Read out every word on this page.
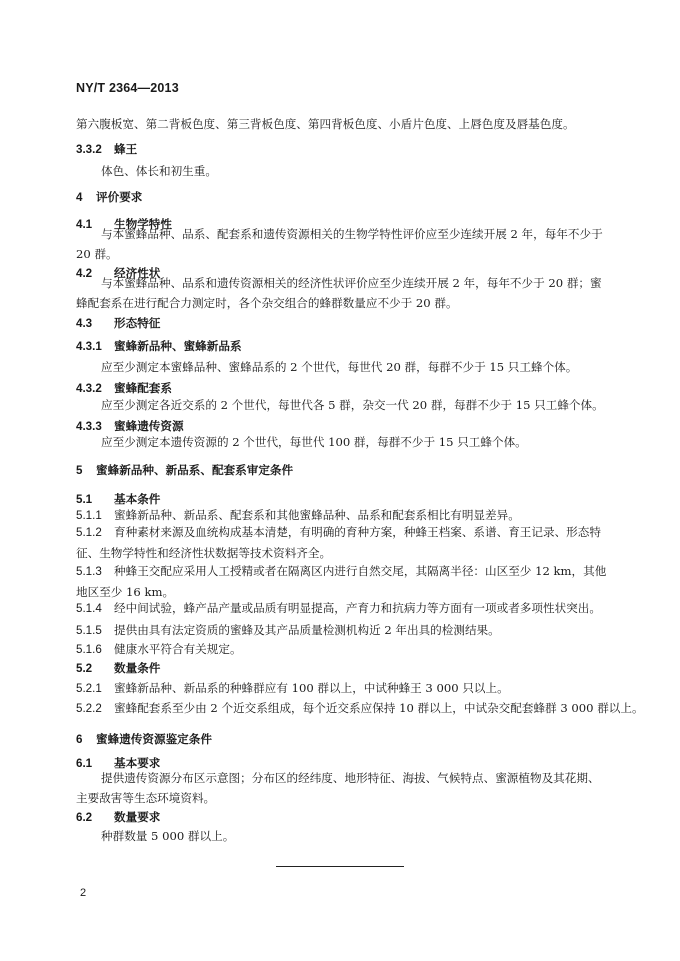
NY/T 2364—2013
第六腹板宽、第二背板色度、第三背板色度、第四背板色度、小盾片色度、上唇色度及唇基色度。
3.3.2 蜂王
体色、体长和初生重。
4 评价要求
4.1 生物学特性
与本蜜蜂品种、品系、配套系和遗传资源相关的生物学特性评价应至少连续开展 2 年，每年不少于 20 群。
4.2 经济性状
与本蜜蜂品种、品系和遗传资源相关的经济性状评价应至少连续开展 2 年，每年不少于 20 群；蜜蜂配套系在进行配合力测定时，各个杂交组合的蜂群数量应不少于 20 群。
4.3 形态特征
4.3.1 蜜蜂新品种、蜜蜂新品系
应至少测定本蜜蜂品种、蜜蜂品系的 2 个世代，每世代 20 群，每群不少于 15 只工蜂个体。
4.3.2 蜜蜂配套系
应至少测定各近交系的 2 个世代，每世代各 5 群，杂交一代 20 群，每群不少于 15 只工蜂个体。
4.3.3 蜜蜂遗传资源
应至少测定本遗传资源的 2 个世代，每世代 100 群，每群不少于 15 只工蜂个体。
5 蜜蜂新品种、新品系、配套系审定条件
5.1 基本条件
5.1.1 蜜蜂新品种、新品系、配套系和其他蜜蜂品种、品系和配套系相比有明显差异。
5.1.2 育种素材来源及血统构成基本清楚，有明确的育种方案，种蜂王档案、系谱、育王记录、形态特征、生物学特性和经济性状数据等技术资料齐全。
5.1.3 种蜂王交配应采用人工授精或者在隔离区内进行自然交尾，其隔离半径：山区至少 12 km，其他地区至少 16 km。
5.1.4 经中间试验，蜂产品产量或品质有明显提高，产育力和抗病力等方面有一项或者多项性状突出。
5.1.5 提供由具有法定资质的蜜蜂及其产品质量检测机构近 2 年出具的检测结果。
5.1.6 健康水平符合有关规定。
5.2 数量条件
5.2.1 蜜蜂新品种、新品系的种蜂群应有 100 群以上，中试种蜂王 3 000 只以上。
5.2.2 蜜蜂配套系至少由 2 个近交系组成，每个近交系应保持 10 群以上，中试杂交配套蜂群 3 000 群以上。
6 蜜蜂遗传资源鉴定条件
6.1 基本要求
提供遗传资源分布区示意图；分布区的经纬度、地形特征、海拔、气候特点、蜜源植物及其花期、主要敌害等生态环境资料。
6.2 数量要求
种群数量 5 000 群以上。
2
